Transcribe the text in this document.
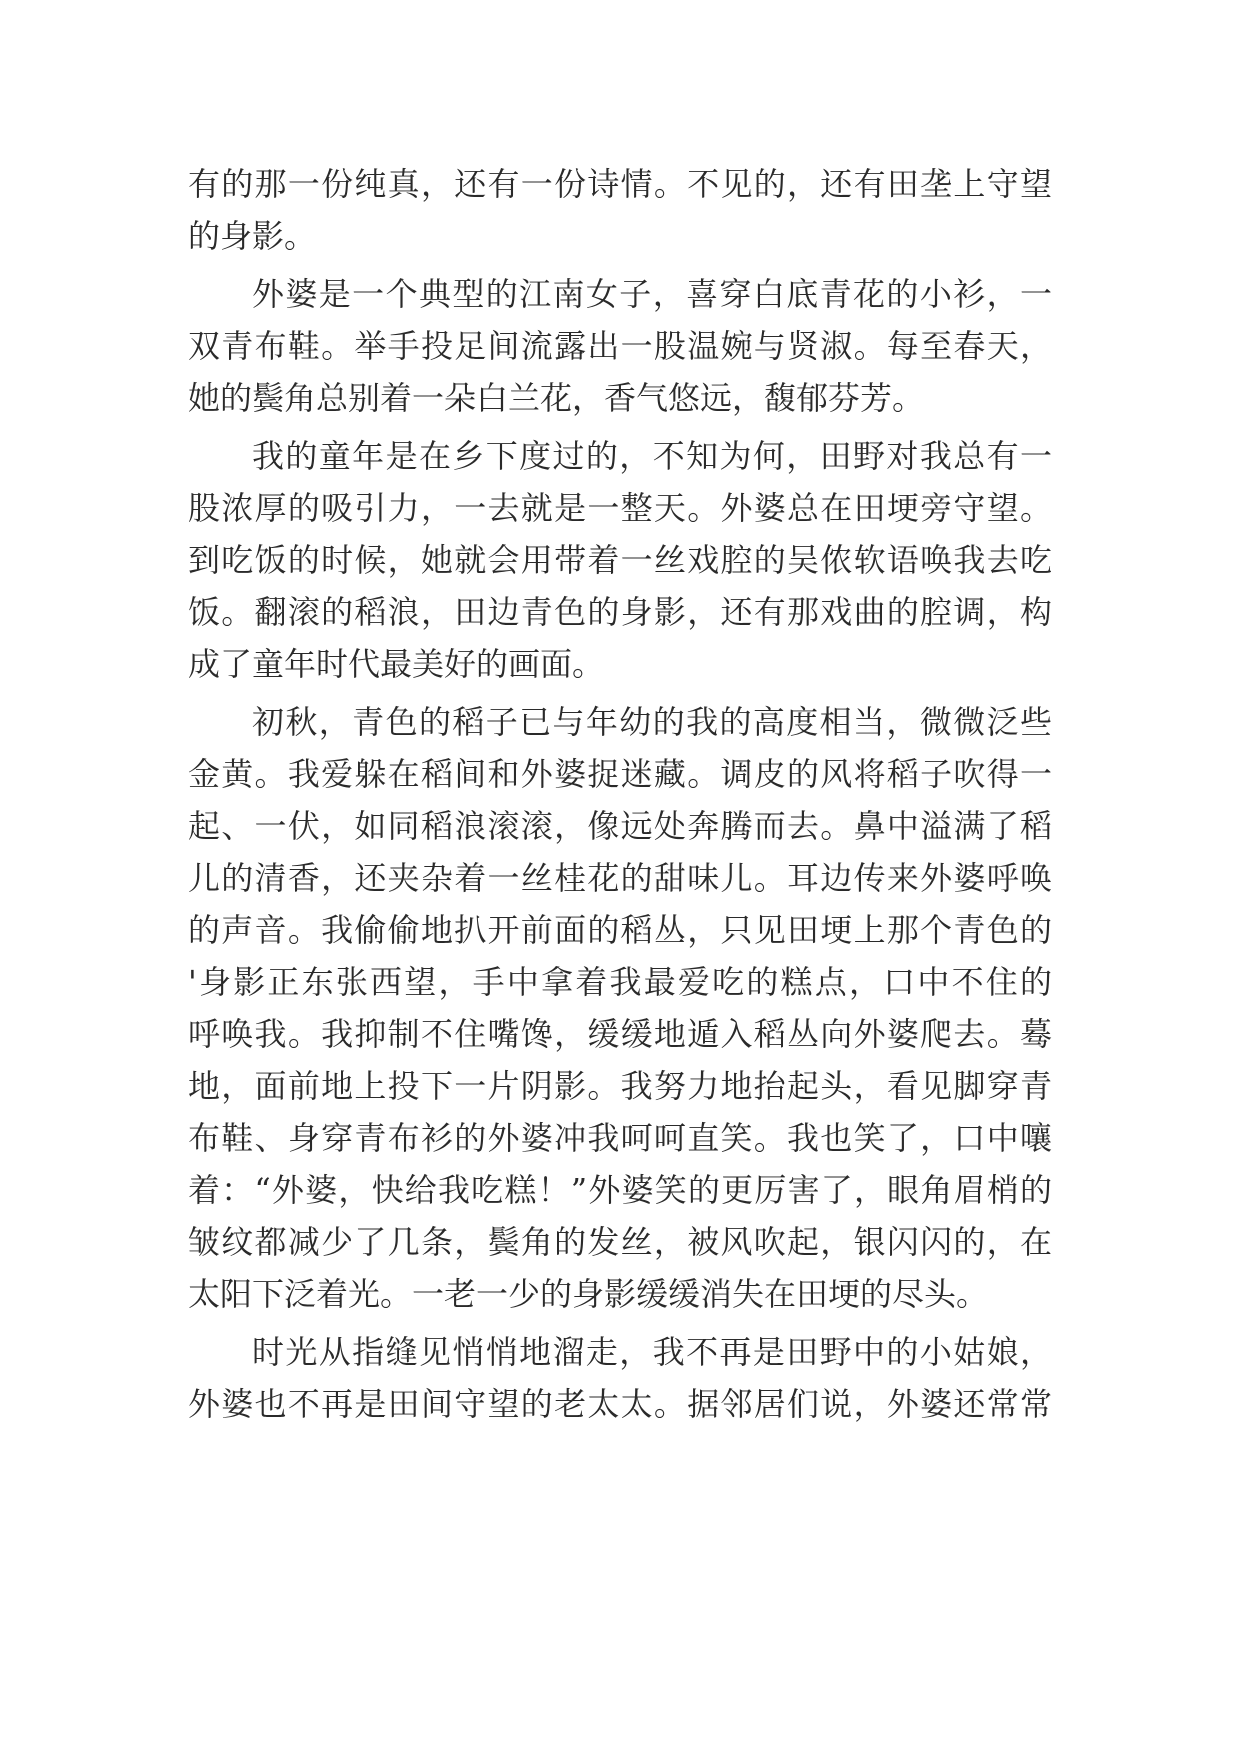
有的那一份纯真，还有一份诗情。不见的，还有田垄上守望
的身影。
外婆是一个典型的江南女子，喜穿白底青花的小衫，一
双青布鞋。举手投足间流露出一股温婉与贤淑。每至春天，
她的鬓角总别着一朵白兰花，香气悠远，馥郁芬芳。
我的童年是在乡下度过的，不知为何，田野对我总有一
股浓厚的吸引力，一去就是一整天。外婆总在田埂旁守望。
到吃饭的时候，她就会用带着一丝戏腔的吴侬软语唤我去吃
饭。翻滚的稻浪，田边青色的身影，还有那戏曲的腔调，构
成了童年时代最美好的画面。
初秋，青色的稻子已与年幼的我的高度相当，微微泛些
金黄。我爱躲在稻间和外婆捉迷藏。调皮的风将稻子吹得一
起、一伏，如同稻浪滚滚，像远处奔腾而去。鼻中溢满了稻
儿的清香，还夹杂着一丝桂花的甜味儿。耳边传来外婆呼唤
的声音。我偷偷地扒开前面的稻丛，只见田埂上那个青色的
'身影正东张西望，手中拿着我最爱吃的糕点，口中不住的
呼唤我。我抑制不住嘴馋，缓缓地遁入稻丛向外婆爬去。蓦
地，面前地上投下一片阴影。我努力地抬起头，看见脚穿青
布鞋、身穿青布衫的外婆冲我呵呵直笑。我也笑了，口中嚷
着：“外婆，快给我吃糕！”外婆笑的更厉害了，眼角眉梢的
皱纹都减少了几条，鬓角的发丝，被风吹起，银闪闪的，在
太阳下泛着光。一老一少的身影缓缓消失在田埂的尽头。
时光从指缝见悄悄地溜走，我不再是田野中的小姑娘，
外婆也不再是田间守望的老太太。据邻居们说，外婆还常常
